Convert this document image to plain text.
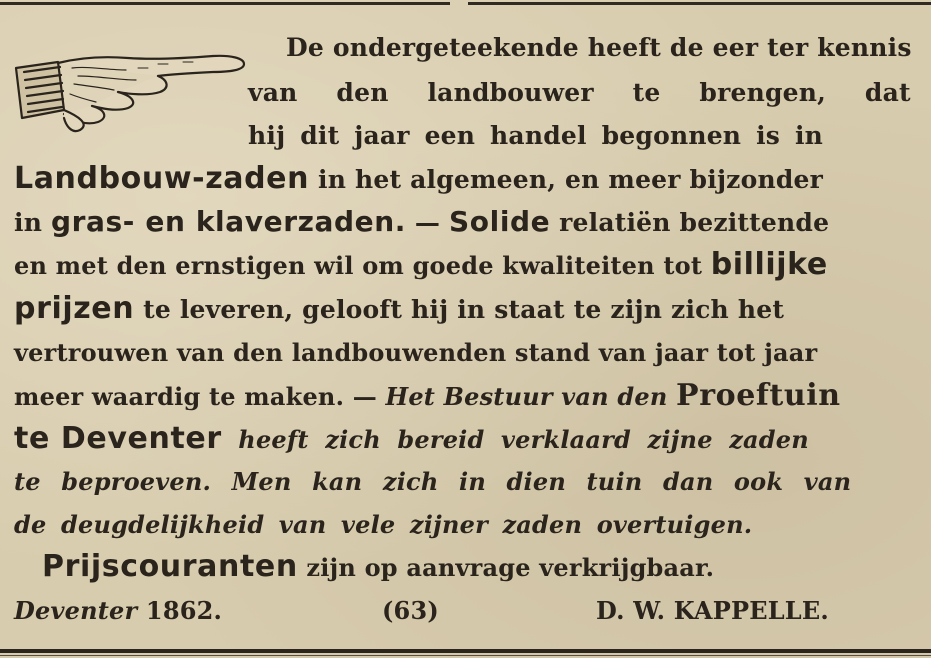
De ondergeteekende heeft de eer ter kennis
van den landbouwer te brengen, dat
hij dit jaar een handel begonnen is in
Landbouw-zaden in het algemeen, en meer bijzonder
in gras- en klaverzaden. — Solide relatiën bezittende
en met den ernstigen wil om goede kwaliteiten tot billijke
prijzen te leveren, gelooft hij in staat te zijn zich het
vertrouwen van den landbouwenden stand van jaar tot jaar
meer waardig te maken. — Het Bestuur van den Proeftuin
te Deventer heeft zich bereid verklaard zijne zaden
te beproeven. Men kan zich in dien tuin dan ook van
de deugdelijkheid van vele zijner zaden overtuigen.
Prijscouranten zijn op aanvrage verkrijgbaar.
Deventer 1862.	(63)	D. W. KAPPELLE.
